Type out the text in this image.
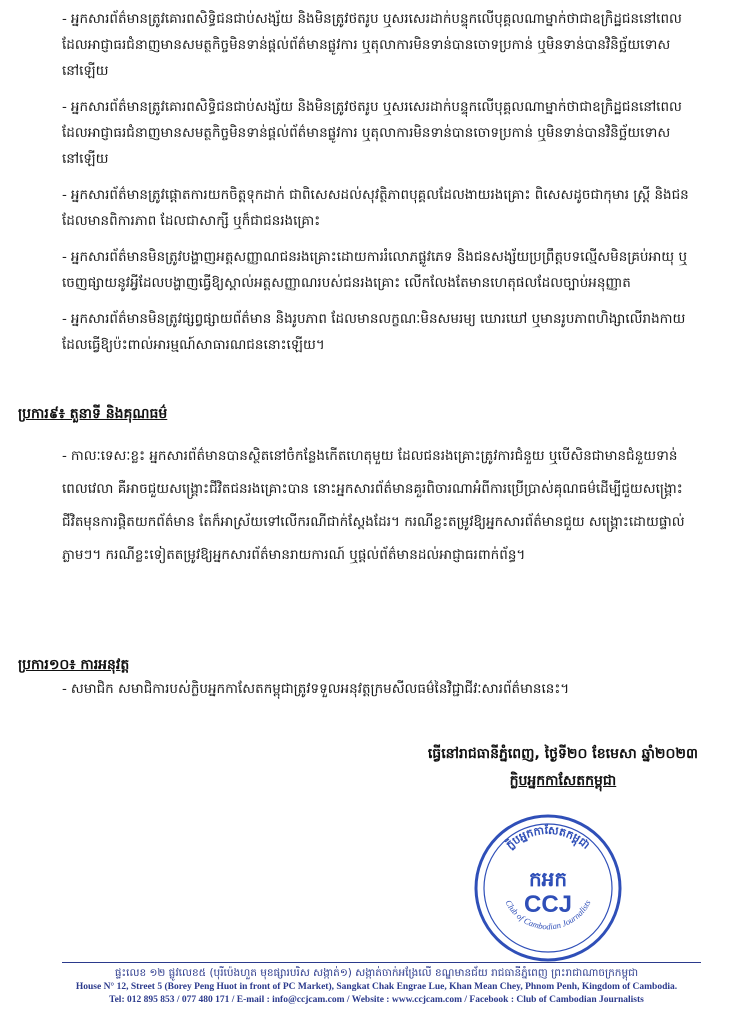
- អ្នកសារព័ត៌មានត្រូវគោរពសិទ្ធិជនជាប់សង្ស័យ និងមិនត្រូវថតរូប ឬសរសេរដាក់បន្ទុកលើបុគ្គលណាម្នាក់ថាជាឧក្រិដ្ឋជននៅពេលដែលអាជ្ញាធរជំនាញមានសមត្ថកិច្ចមិនទាន់ផ្តល់ព័ត៌មានផ្លូវការ ឬតុលាការមិនទាន់បានចោទប្រកាន់ ឬមិនទាន់បានវិនិច្ឆ័យទោសនៅឡើយ
- អ្នកសារព័ត៌មានត្រូវគោរពសិទ្ធិជនជាប់សង្ស័យ និងមិនត្រូវថតរូប ឬសរសេរដាក់បន្ទុកលើបុគ្គលណាម្នាក់ថាជាឧក្រិដ្ឋជននៅពេលដែលអាជ្ញាធរជំនាញមានសមត្ថកិច្ចមិនទាន់ផ្តល់ព័ត៌មានផ្លូវការ ឬតុលាការមិនទាន់បានចោទប្រកាន់ ឬមិនទាន់បានវិនិច្ឆ័យទោសនៅឡើយ
- អ្នកសារព័ត៌មានត្រូវផ្តោតការយកចិត្តទុកដាក់ ជាពិសេសដល់សុវត្ថិភាពបុគ្គលដែលងាយរងគ្រោះ ពិសេសដូចជាកុមារ ស្ត្រី និងជនដែលមានពិការភាព ដែលជាសាក្សី ឬក៏ជាជនរងគ្រោះ
- អ្នកសារព័ត៌មានមិនត្រូវបង្ហាញអត្តសញ្ញាណជនរងគ្រោះដោយការរំលោភផ្លូវភេទ និងជនសង្ស័យប្រព្រឹត្តបទល្មើសមិនគ្រប់អាយុ ឬចេញផ្សាយនូវអ្វីដែលបង្ហាញធ្វើឱ្យស្គាល់អត្តសញ្ញាណរបស់ជនរងគ្រោះ លើកលែងតែមានហេតុផលដែលច្បាប់អនុញ្ញាត
- អ្នកសារព័ត៌មានមិនត្រូវផ្សព្វផ្សាយព័ត៌មាន និងរូបភាព ដែលមានលក្ខណៈមិនសមរម្យ ឃោរឃៅ ឬមានរូបភាពហិង្សាលើរាងកាយដែលធ្វើឱ្យប៉ះពាល់អារម្មណ៍សាធារណជននោះឡើយ។
ប្រការ៩៖ តួនាទី និងគុណធម៌
- កាលៈទេសៈខ្លះ អ្នកសារព័ត៌មានបានស្ថិតនៅចំកន្លែងកើតហេតុមួយ ដែលជនរងគ្រោះត្រូវការជំនួយ ឬបើសិនជាមានជំនួយទាន់ពេលវេលា គឺអាចជួយសង្គ្រោះជីវិតជនរងគ្រោះបាន នោះអ្នកសារព័ត៌មានគួរពិចារណាអំពីការប្រើប្រាស់គុណធម៌ដើម្បីជួយសង្គ្រោះជីវិតមុនការផ្តិតយកព័ត៌មាន តែក៏អាស្រ័យទៅលើករណីជាក់ស្តែងដែរ។ ករណីខ្លះតម្រូវឱ្យអ្នកសារព័ត៌មានជួយ សង្គ្រោះដោយផ្ទាល់ភ្លាមៗ។ ករណីខ្លះទៀតតម្រូវឱ្យអ្នកសារព័ត៌មានរាយការណ៍ ឬផ្តល់ព័ត៌មានដល់អាជ្ញាធរពាក់ព័ន្ធ។
ប្រការ១០៖ ការអនុវត្ត
- សមាជិក សមាជិការបស់ក្លិបអ្នកកាសែតកម្ពុជាត្រូវទទួលអនុវត្តក្រមសីលធម៌នៃវិជ្ជាជីវៈសារព័ត៌មាននេះ។
ធ្វើនៅរាជធានីភ្នំពេញ, ថ្ងៃទី២០ ខែមេសា ឆ្នាំ២០២៣
ក្លិបអ្នកកាសែតកម្ពុជា
ក្លិបអ្នកកាសែតកម្ពុជា
កអក
CCJ
Club of Cambodian Journalists
ផ្ទះលេខ ១២ ផ្លូវលេខ៥ (បុរីប៉េងហួត មុខផ្សារបរិស សង្កាត់១) សង្កាត់ចាក់អង្រែលើ ខណ្ឌមានជ័យ រាជធានីភ្នំពេញ ព្រះរាជាណាចក្រកម្ពុជា
House N° 12, Street 5 (Borey Peng Huot in front of PC Market), Sangkat Chak Engrae Lue, Khan Mean Chey, Phnom Penh, Kingdom of Cambodia.
Tel: 012 895 853 / 077 480 171 / E-mail : info@ccjcam.com / Website : www.ccjcam.com / Facebook : Club of Cambodian Journalists
